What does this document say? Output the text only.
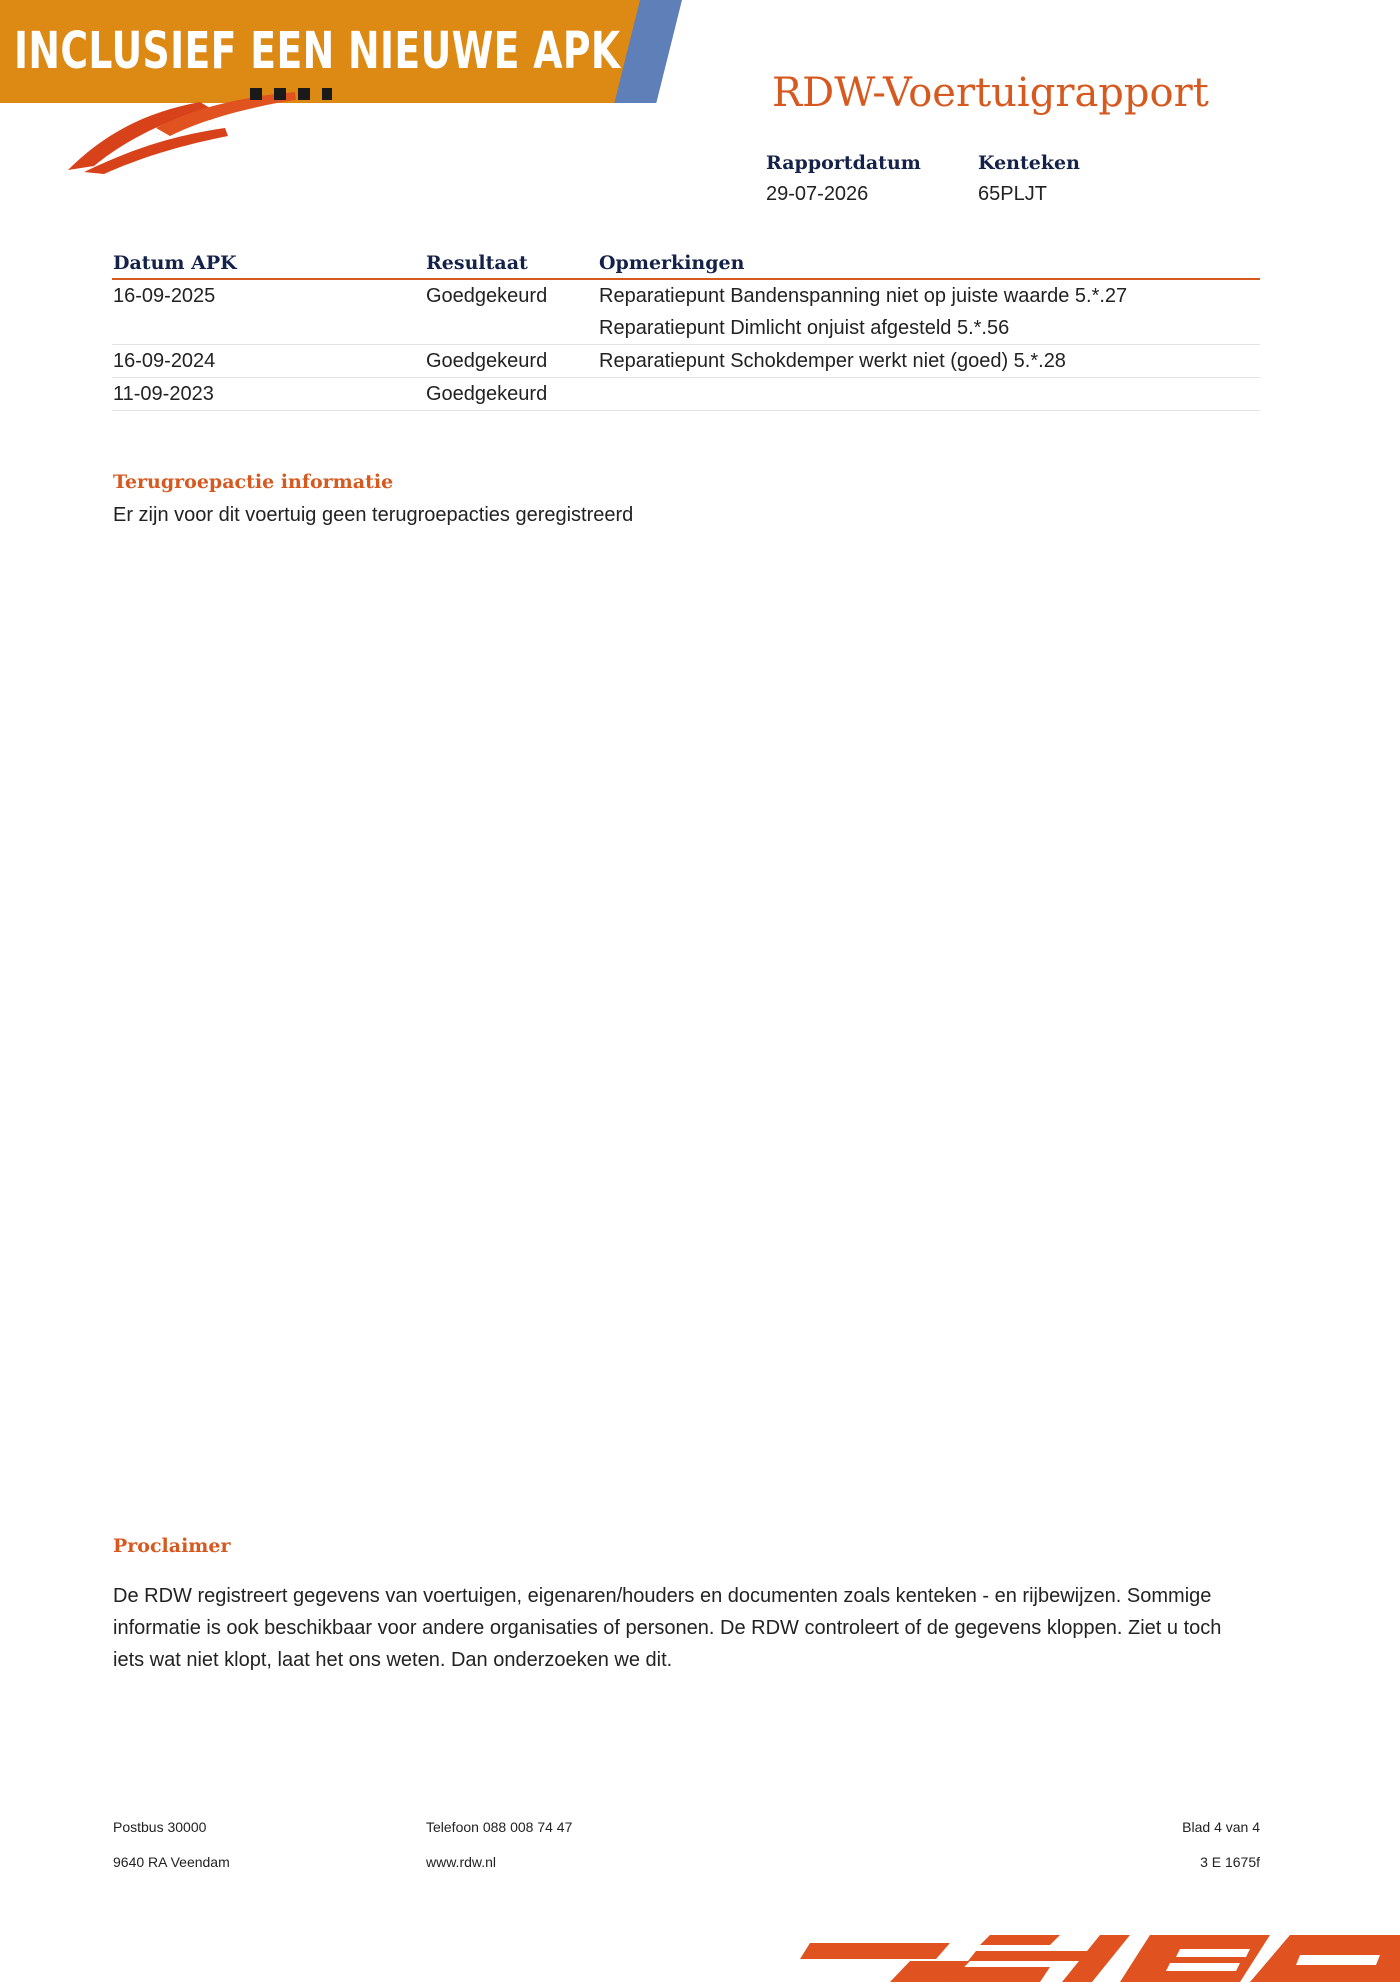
INCLUSIEF EEN NIEUWE APK
RDW-Voertuigrapport
Rapportdatum
29-07-2026
Kenteken
65PLJT
Datum APK	Resultaat	Opmerkingen
16-09-2025	Goedgekeurd	Reparatiepunt Bandenspanning niet op juiste waarde 5.*.27
Reparatiepunt Dimlicht onjuist afgesteld 5.*.56

16-09-2024	Goedgekeurd	Reparatiepunt Schokdemper werkt niet (goed) 5.*.28

11-09-2023	Goedgekeurd	
Terugroepactie informatie
Er zijn voor dit voertuig geen terugroepacties geregistreerd
Proclaimer
De RDW registreert gegevens van voertuigen, eigenaren/houders en documenten zoals kenteken - en rijbewijzen. Sommige informatie is ook beschikbaar voor andere organisaties of personen. De RDW controleert of de gegevens kloppen. Ziet u toch iets wat niet klopt, laat het ons weten. Dan onderzoeken we dit.
Postbus 30000
9640 RA Veendam
Telefoon 088 008 74 47
www.rdw.nl
Blad 4 van 4
3 E 1675f
